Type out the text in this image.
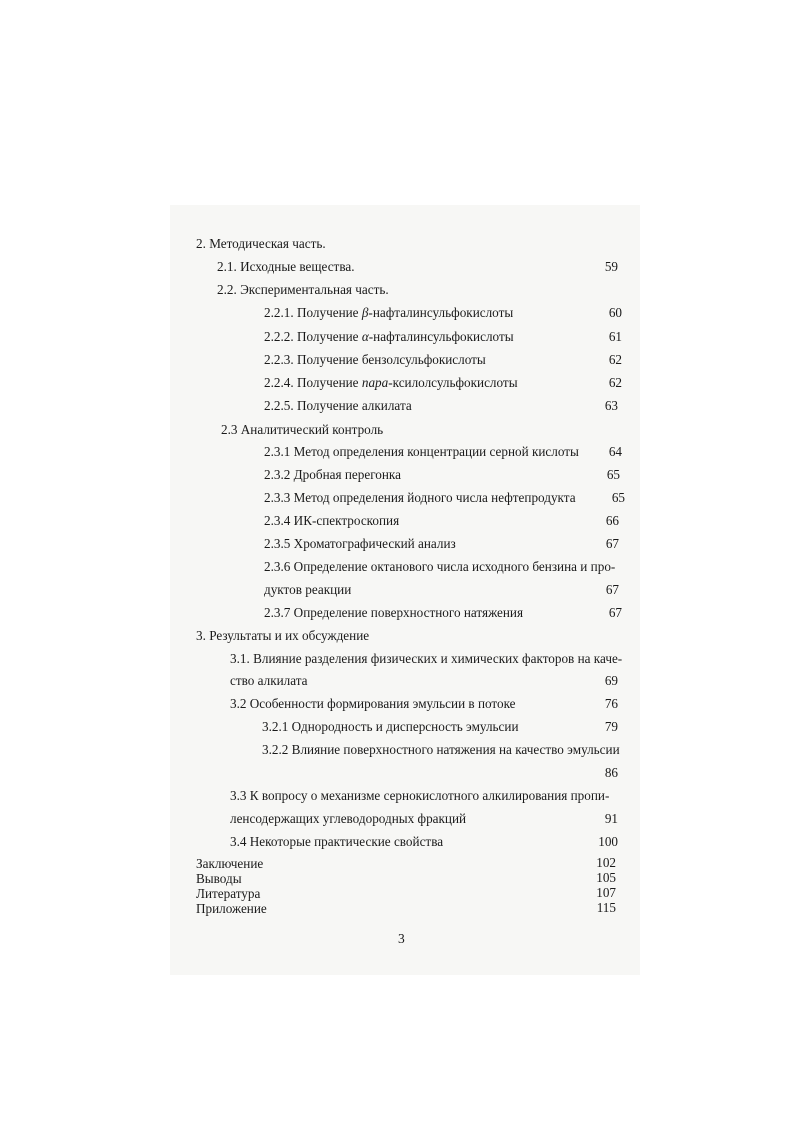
2. Методическая часть.
2.1. Исходные вещества.	59
2.2. Экспериментальная часть.
2.2.1. Получение β-нафталинсульфокислоты	60
2.2.2. Получение α-нафталинсульфокислоты	61
2.2.3. Получение бензолсульфокислоты	62
2.2.4. Получение пара-ксилолсульфокислоты	62
2.2.5. Получение алкилата	63
2.3 Аналитический контроль
2.3.1 Метод определения концентрации серной кислоты	64
2.3.2 Дробная перегонка	65
2.3.3 Метод определения йодного числа нефтепродукта	65
2.3.4 ИК-спектроскопия	66
2.3.5 Хроматографический анализ	67
2.3.6 Определение октанового числа исходного бензина и про-
дуктов реакции	67
2.3.7 Определение поверхностного натяжения	67
3. Результаты и их обсуждение
3.1. Влияние разделения физических и химических факторов на каче-
ство алкилата	69
3.2 Особенности формирования эмульсии в потоке	76
3.2.1 Однородность и дисперсность эмульсии	79
3.2.2 Влияние поверхностного натяжения на качество эмульсии
86
3.3 К вопросу о механизме сернокислотного алкилирования пропи-
ленсодержащих углеводородных фракций	91
3.4 Некоторые практические свойства	100
Заключение	102
Выводы	105
Литература	107
Приложение	115
3
